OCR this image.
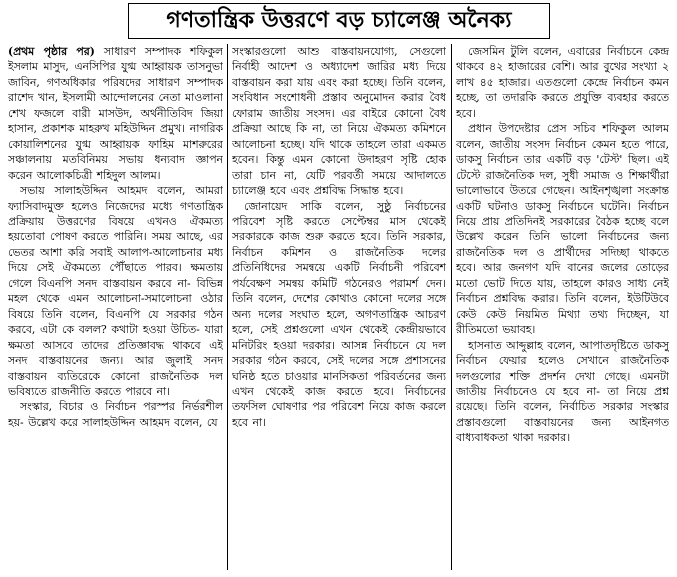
গণতান্ত্রিক উত্তরণে বড় চ্যালেঞ্জ অনৈক্য

(প্রথম পৃষ্ঠার পর) সাধারণ সম্পাদক শফিকুল ইসলাম মাসুদ, এনসিপির যুগ্ম আহ্বায়ক তাসনুভা জাবিন, গণঅধিকার পরিষদের সাধারণ সম্পাদক রাশেদ খান, ইসলামী আন্দোলনের নেতা মাওলানা শেখ ফজলে বারী মাসউদ, অর্থনীতিবিদ জিয়া হাসান, প্রকাশক মাহরুখ মহিউদ্দিন প্রমুখ। নাগরিক কোয়ালিশনের যুগ্ম আহ্বায়ক ফাহিম মাশরুরের সঞ্চালনায় মতবিনিময় সভায় ধন্যবাদ জ্ঞাপন করেন আলোকচিত্রী শহিদুল আলম।

সভায় সালাহউদ্দিন আহমদ বলেন, আমরা ফ্যাসিবাদমুক্ত হলেও নিজেদের মধ্যে গণতান্ত্রিক প্রক্রিয়ায় উত্তরণের বিষয়ে এখনও ঐকমত্য হয়তোবা পোষণ করতে পারিনি। সময় আছে, এর ভেতর আশা করি সবাই আলাপ-আলোচনার মধ্য দিয়ে সেই ঐকমত্যে পৌঁছাতে পারব। ক্ষমতায় গেলে বিএনপি সনদ বাস্তবায়ন করবে না- বিভিন্ন মহল থেকে এমন আলোচনা-সমালোচনা ওঠার বিষয়ে তিনি বলেন, বিএনপি যে সরকার গঠন করবে, এটা কে বলল? কথাটা হওয়া উচিত- যারা ক্ষমতা আসবে তাদের প্রতিজ্ঞাবদ্ধ থাকবে এই সনদ বাস্তবায়নের জন্য। আর জুলাই সনদ বাস্তবায়ন ব্যতিরেকে কোনো রাজনৈতিক দল ভবিষ্যতে রাজনীতি করতে পারবে না।

সংস্কার, বিচার ও নির্বাচন পরস্পর নির্ভরশীল হয়- উল্লেখ করে সালাহউদ্দিন আহমদ বলেন, যে

সংস্কারগুলো আশু বাস্তবায়নযোগ্য, সেগুলো নির্বাহী আদেশ ও অধ্যাদেশ জারির মধ্য দিয়ে বাস্তবায়ন করা যায় এবং করা হচ্ছে। তিনি বলেন, সংবিধান সংশোধনী প্রস্তাব অনুমোদন করার বৈধ ফোরাম জাতীয় সংসদ। এর বাইরে কোনো বৈধ প্রক্রিয়া আছে কি না, তা নিয়ে ঐকমত্য কমিশনে আলোচনা হচ্ছে। যদি থাকে তাহলে তারা একমত হবেন। কিন্তু এমন কোনো উদাহরণ সৃষ্টি হোক তারা চান না, যেটি পরবর্তী সময়ে আদালতে চ্যালেঞ্জ হবে এবং প্রশ্নবিদ্ধ সিদ্ধান্ত হবে।

জোনায়েদ সাকি বলেন, সুষ্ঠু নির্বাচনের পরিবেশ সৃষ্টি করতে সেপ্টেম্বর মাস থেকেই সরকারকে কাজ শুরু করতে হবে। তিনি সরকার, নির্বাচন কমিশন ও রাজনৈতিক দলের প্রতিনিধিদের সমন্বয়ে একটি নির্বাচনী পরিবেশ পর্যবেক্ষণ সমন্বয় কমিটি গঠনেরও পরামর্শ দেন। তিনি বলেন, দেশের কোথাও কোনো দলের সঙ্গে অন্য দলের সংঘাত হলে, অগণতান্ত্রিক আচরণ হলে, সেই প্রশ্নগুলো এখন থেকেই কেন্দ্রীয়ভাবে মনিটরিং হওয়া দরকার। আসন্ন নির্বাচনে যে দল সরকার গঠন করবে, সেই দলের সঙ্গে প্রশাসনের ঘনিষ্ঠ হতে চাওয়ার মানসিকতা পরিবর্তনের জন্য এখন থেকেই কাজ করতে হবে। নির্বাচনের তফসিল ঘোষণার পর পরিবেশ নিয়ে কাজ করলে হবে না।

জেসমিন টুলি বলেন, এবারের নির্বাচনে কেন্দ্র থাকবে ৪২ হাজারের বেশি। আর বুথের সংখ্যা ২ লাখ ৪৫ হাজার। এতগুলো কেন্দ্রে নির্বাচন কমন হচ্ছে, তা তদারকি করতে প্রযুক্তি ব্যবহার করতে হবে।

প্রধান উপদেষ্টার প্রেস সচিব শফিকুল আলম বলেন, জাতীয় সংসদ নির্বাচন কেমন হতে পারে, ডাকসু নির্বাচন তার একটি বড় 'টেস্ট' ছিল। এই টেস্টে রাজনৈতিক দল, সুধী সমাজ ও শিক্ষার্থীরা ভালোভাবে উতরে গেছেন। আইনশৃঙ্খলা সংক্রান্ত একটি ঘটনাও ডাকসু নির্বাচনে ঘটেনি। নির্বাচন নিয়ে প্রায় প্রতিদিনই সরকারের বৈঠক হচ্ছে বলে উল্লেখ করেন তিনি ভালো নির্বাচনের জন্য রাজনৈতিক দল ও প্রার্থীদের সদিচ্ছা থাকতে হবে। আর জনগণ যদি বানের জলের তোড়ের মতো ভোট দিতে যায়, তাহলে কারও সাধ্য নেই নির্বাচন প্রশ্নবিদ্ধ করার। তিনি বলেন, ইউটিউবে কেউ কেউ নিয়মিত মিথ্যা তথ্য দিচ্ছেন, যা রীতিমতো ভয়াবহ।

হাসনাত আব্দুল্লাহ বলেন, আপাতদৃষ্টিতে ডাকসু নির্বাচন ফেয়ার হলেও সেখানে রাজনৈতিক দলগুলোর শক্তি প্রদর্শন দেখা গেছে। এমনটা জাতীয় নির্বাচনেও যে হবে না- তা নিয়ে প্রশ্ন রয়েছে। তিনি বলেন, নির্বাচিত সরকার সংস্কার প্রস্তাবগুলো বাস্তবায়নের জন্য আইনগত বাধ্যবাধকতা থাকা দরকার।
